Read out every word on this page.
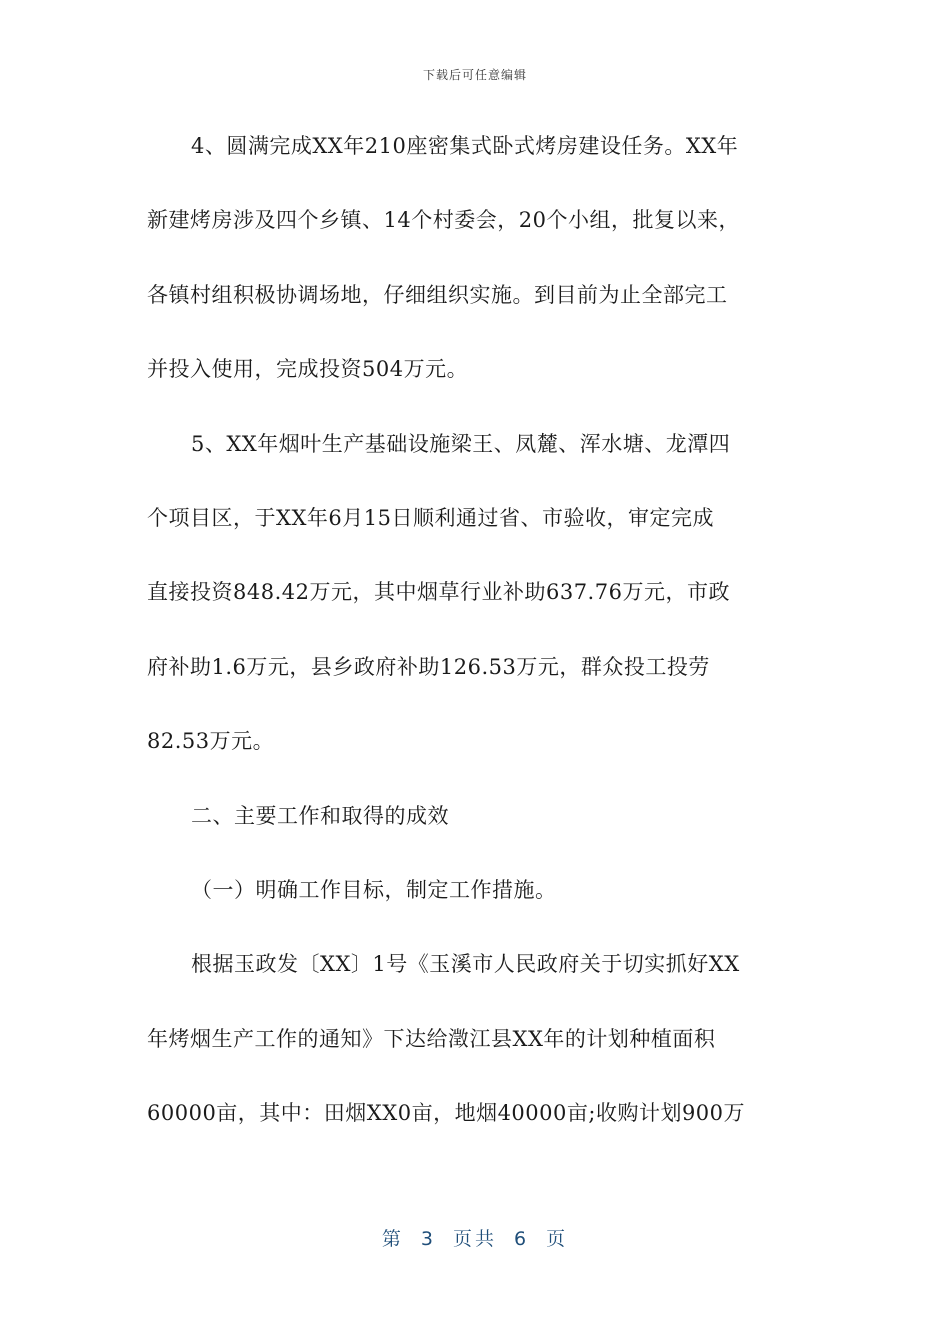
下载后可任意编辑
4、圆满完成XX年210座密集式卧式烤房建设任务。XX年
新建烤房涉及四个乡镇、14个村委会，20个小组，批复以来，
各镇村组积极协调场地，仔细组织实施。到目前为止全部完工
并投入使用，完成投资504万元。
5、XX年烟叶生产基础设施梁王、凤麓、浑水塘、龙潭四
个项目区，于XX年6月15日顺利通过省、市验收，审定完成
直接投资848.42万元，其中烟草行业补助637.76万元，市政
府补助1.6万元，县乡政府补助126.53万元，群众投工投劳
82.53万元。
二、主要工作和取得的成效
（一）明确工作目标，制定工作措施。
根据玉政发〔XX〕1号《玉溪市人民政府关于切实抓好XX
年烤烟生产工作的通知》下达给澂江县XX年的计划种植面积
60000亩，其中：田烟XX0亩，地烟40000亩;收购计划900万
第 3 页共 6 页
